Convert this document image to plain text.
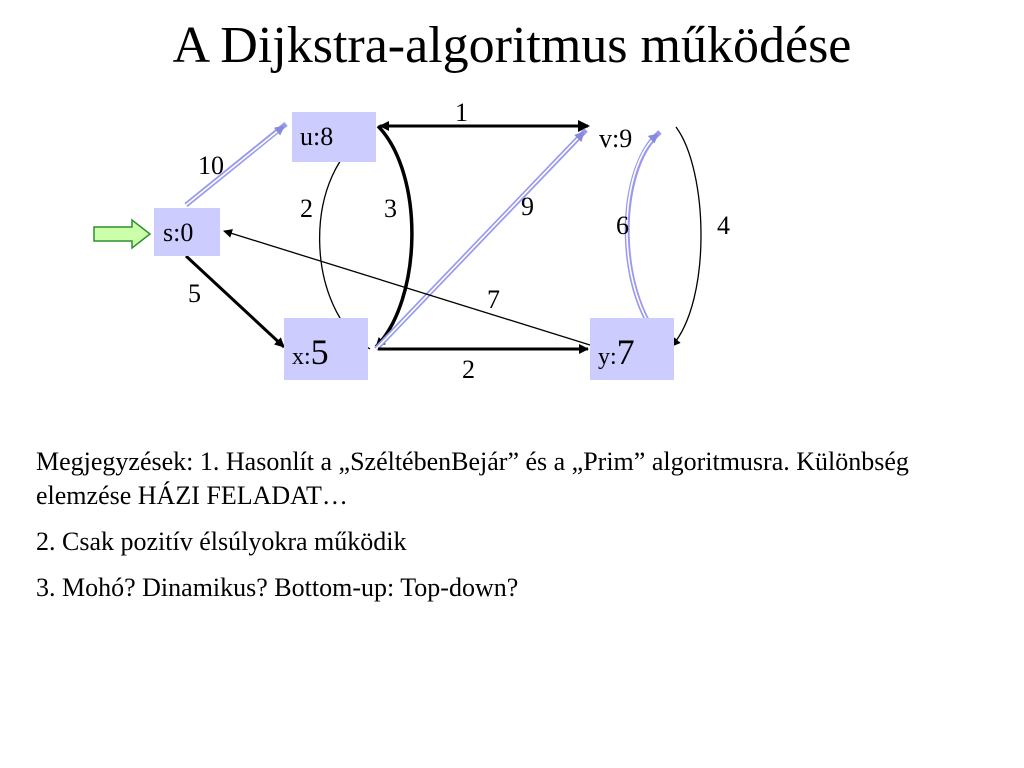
A Dijkstra-algoritmus működése
s:0
u:8	v:9
x:5	y:7
10
5
1
2	3	9
7
2
6	4

Megjegyzések: 1. Hasonlít a „SzéltébenBejár” és a „Prim” algoritmusra. Különbség elemzése HÁZI FELADAT…

2. Csak pozitív élsúlyokra működik

3. Mohó? Dinamikus? Bottom-up: Top-down?
